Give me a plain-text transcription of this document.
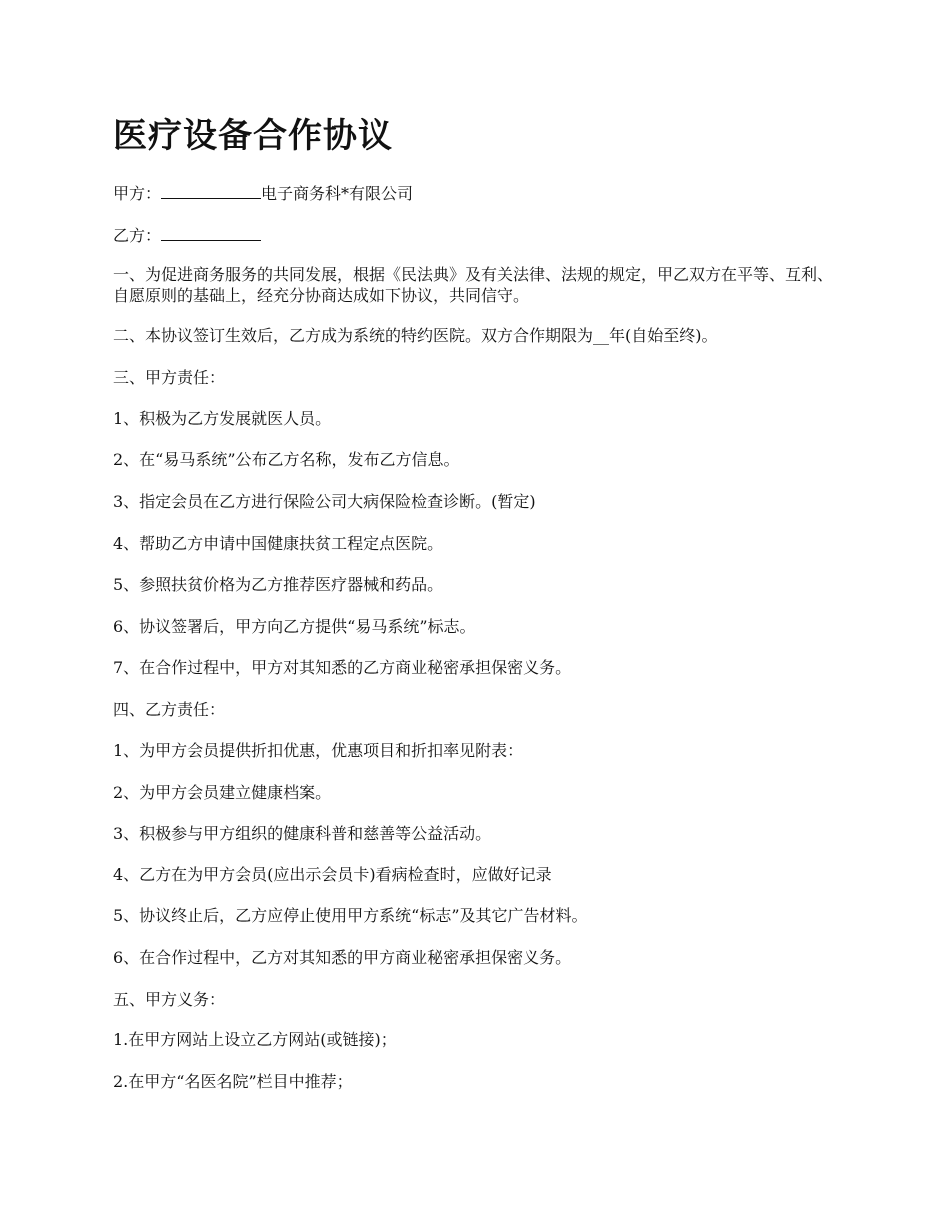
医疗设备合作协议

甲方：	电子商务科*有限公司

乙方：

一、为促进商务服务的共同发展，根据《民法典》及有关法律、法规的规定，甲乙双方在平等、互利、自愿原则的基础上，经充分协商达成如下协议，共同信守。

二、本协议签订生效后，乙方成为系统的特约医院。双方合作期限为__年(自始至终)。

三、甲方责任：

1、积极为乙方发展就医人员。

2、在“易马系统”公布乙方名称，发布乙方信息。

3、指定会员在乙方进行保险公司大病保险检查诊断。(暂定)

4、帮助乙方申请中国健康扶贫工程定点医院。

5、参照扶贫价格为乙方推荐医疗器械和药品。

6、协议签署后，甲方向乙方提供“易马系统”标志。

7、在合作过程中，甲方对其知悉的乙方商业秘密承担保密义务。

四、乙方责任：

1、为甲方会员提供折扣优惠，优惠项目和折扣率见附表：

2、为甲方会员建立健康档案。

3、积极参与甲方组织的健康科普和慈善等公益活动。

4、乙方在为甲方会员(应出示会员卡)看病检查时，应做好记录

5、协议终止后，乙方应停止使用甲方系统“标志”及其它广告材料。

6、在合作过程中，乙方对其知悉的甲方商业秘密承担保密义务。

五、甲方义务：

1.在甲方网站上设立乙方网站(或链接)；

2.在甲方“名医名院”栏目中推荐；
